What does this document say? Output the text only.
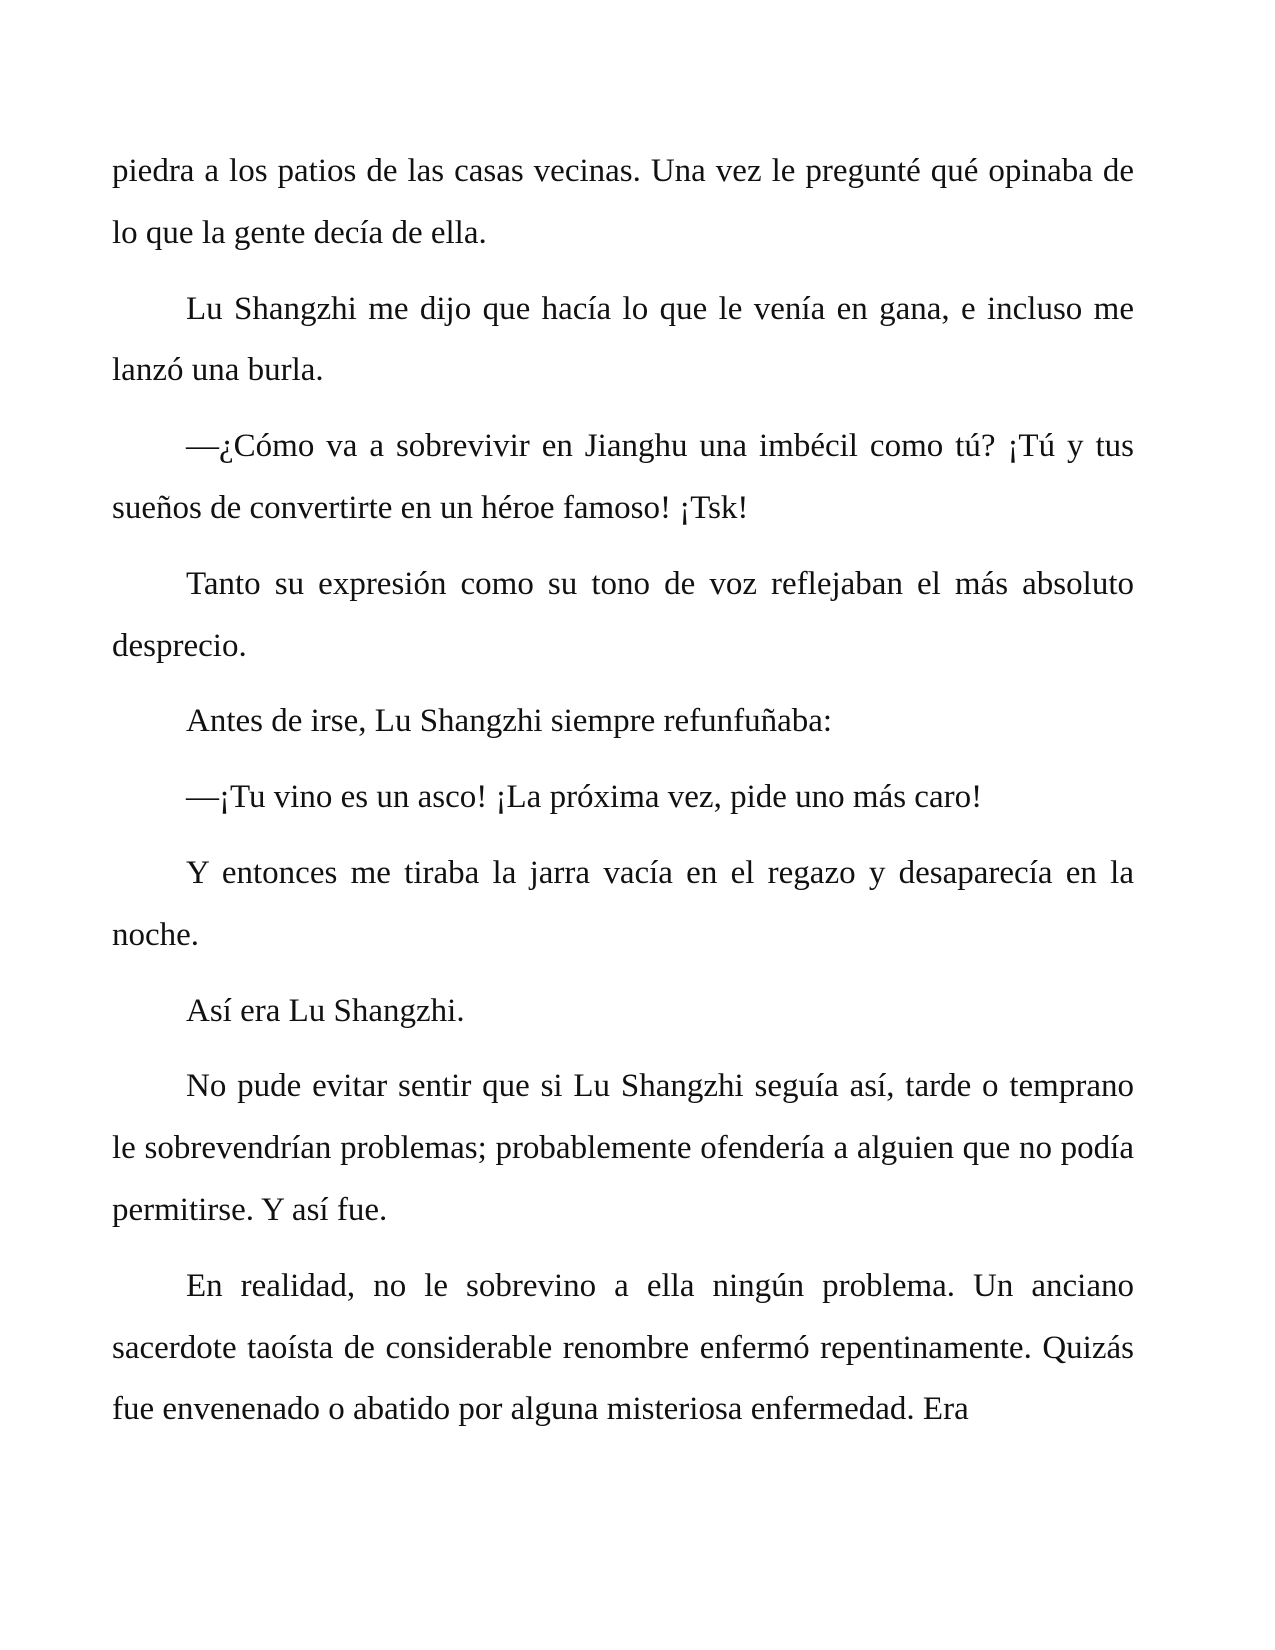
piedra a los patios de las casas vecinas. Una vez le pregunté qué opinaba de lo que la gente decía de ella.

Lu Shangzhi me dijo que hacía lo que le venía en gana, e incluso me lanzó una burla.

—¿Cómo va a sobrevivir en Jianghu una imbécil como tú? ¡Tú y tus sueños de convertirte en un héroe famoso! ¡Tsk!

Tanto su expresión como su tono de voz reflejaban el más absoluto desprecio.

Antes de irse, Lu Shangzhi siempre refunfuñaba:

—¡Tu vino es un asco! ¡La próxima vez, pide uno más caro!

Y entonces me tiraba la jarra vacía en el regazo y desaparecía en la noche.

Así era Lu Shangzhi.

No pude evitar sentir que si Lu Shangzhi seguía así, tarde o temprano le sobrevendrían problemas; probablemente ofendería a alguien que no podía permitirse. Y así fue.

En realidad, no le sobrevino a ella ningún problema. Un anciano sacerdote taoísta de considerable renombre enfermó repentinamente. Quizás fue envenenado o abatido por alguna misteriosa enfermedad. Era
